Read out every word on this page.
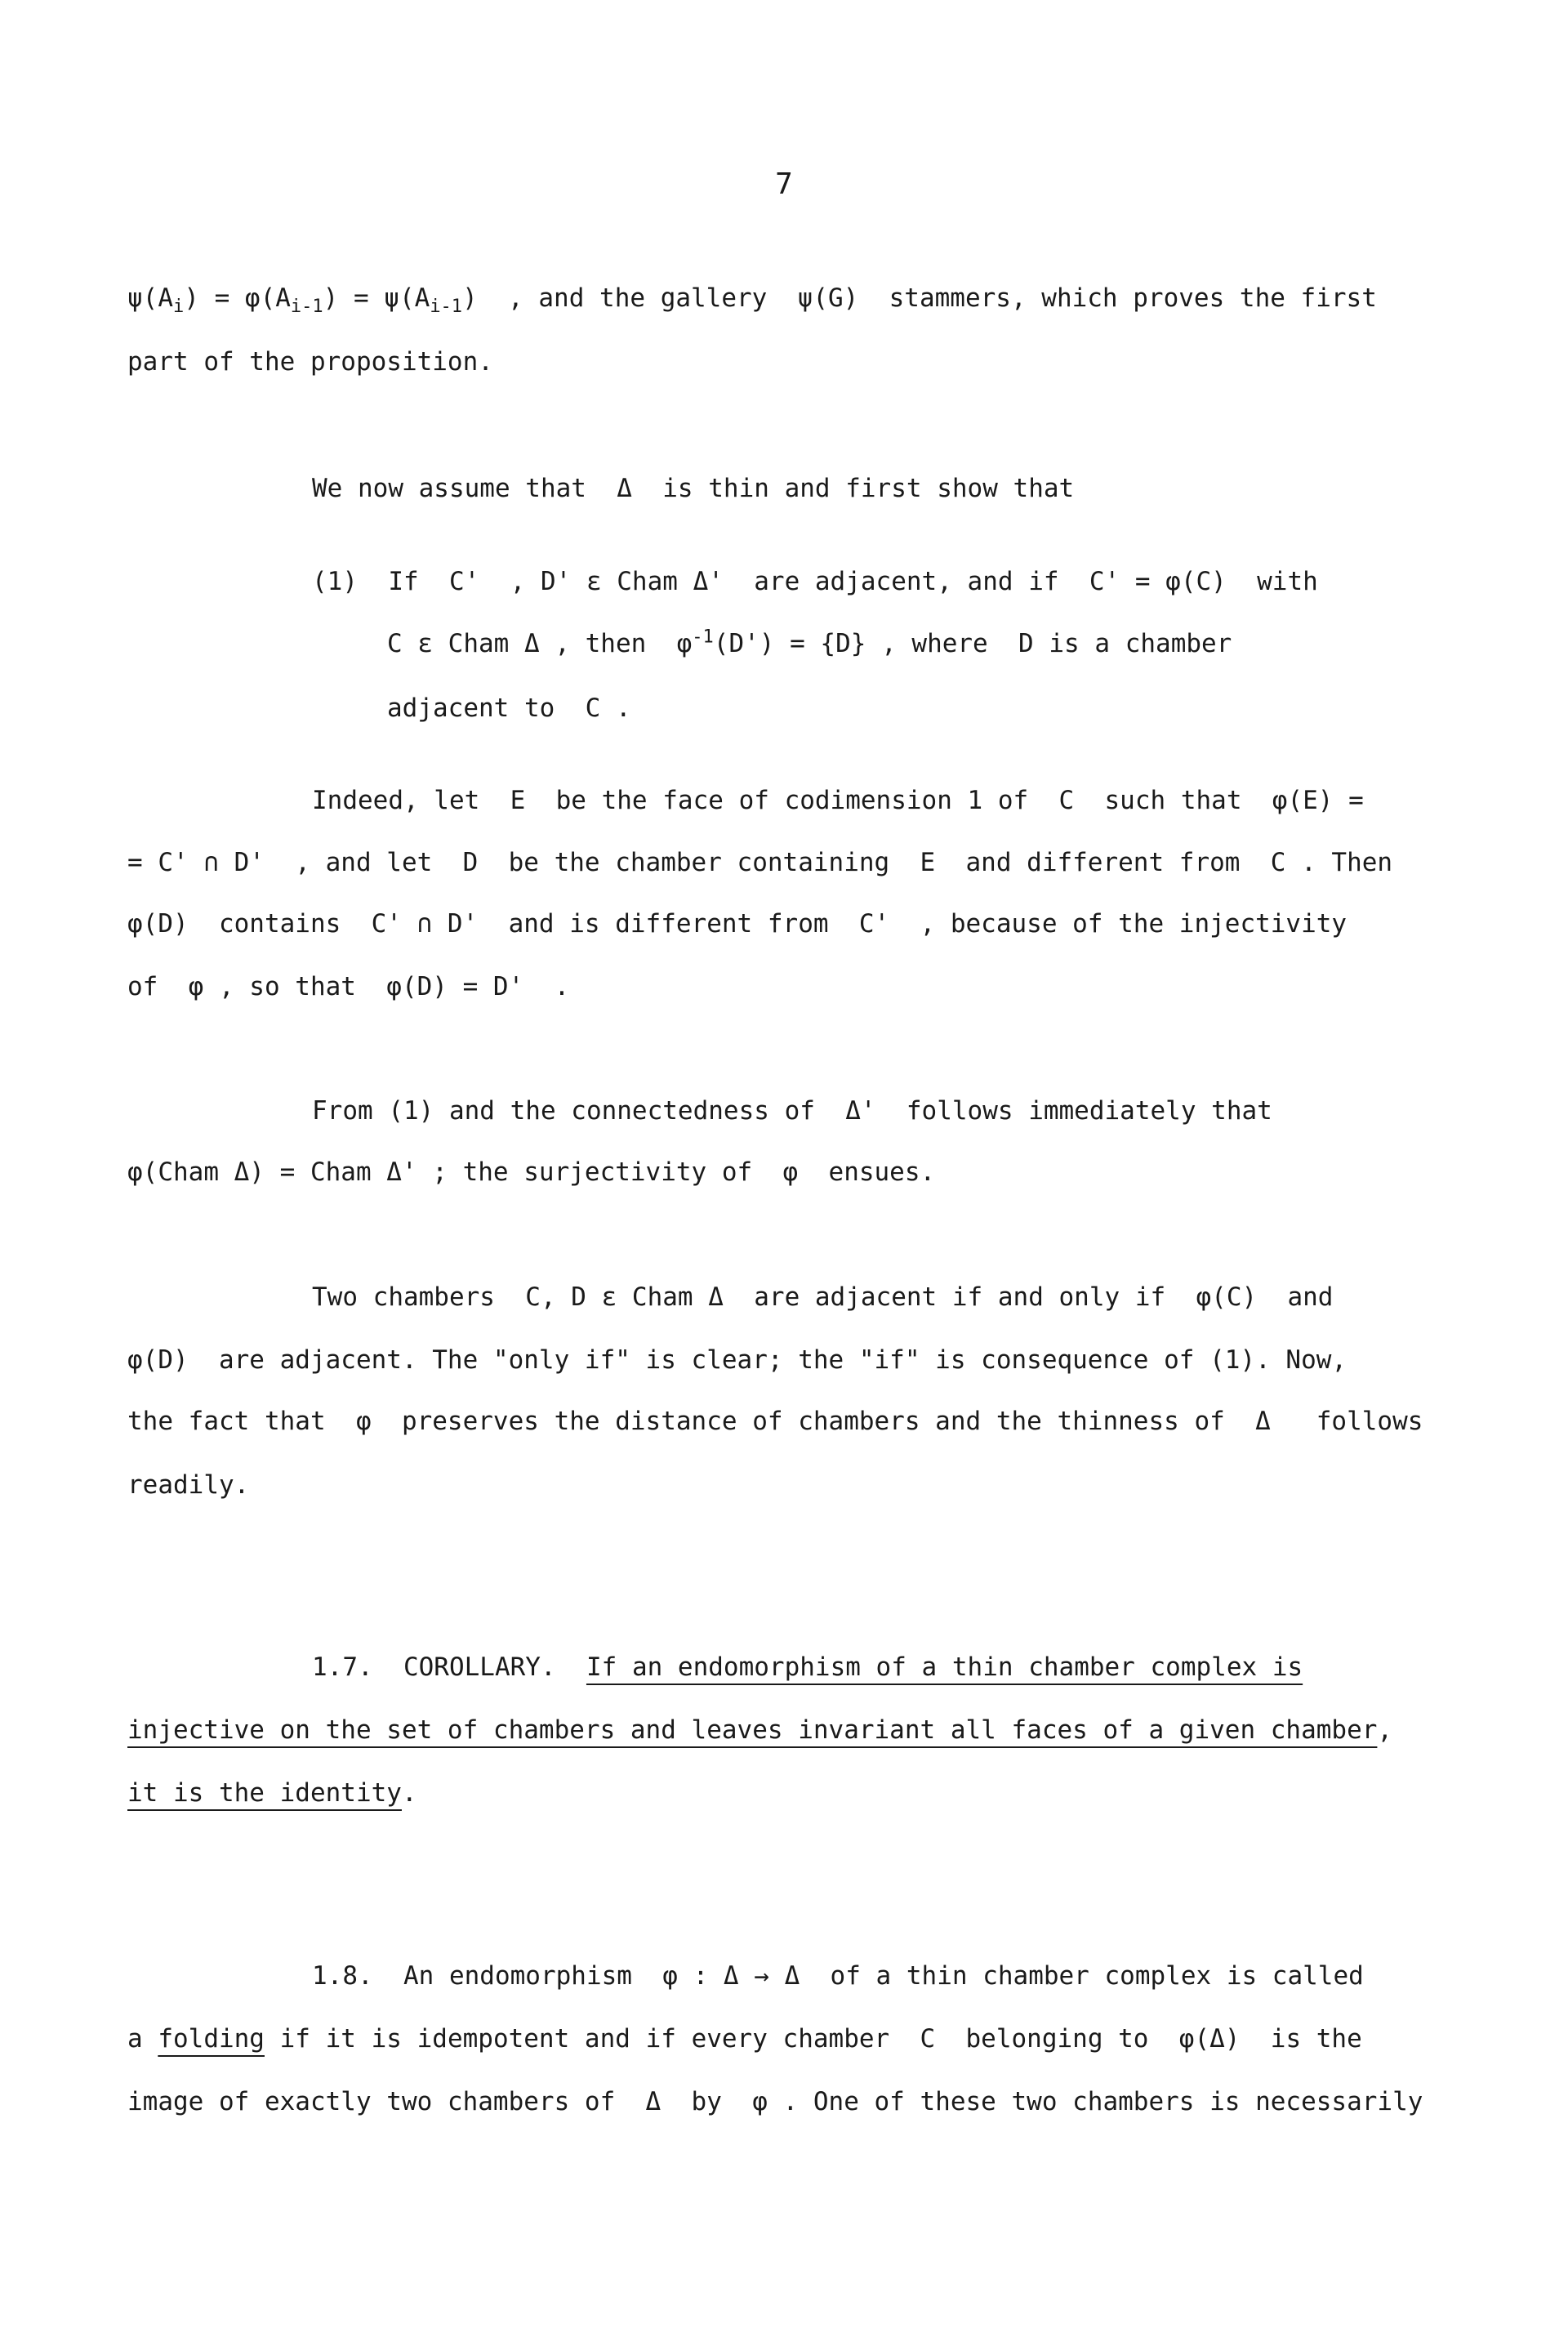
7
$\psi(A_i) = \varphi(A_{i-1}) = \psi(A_{i-1})$  , and the gallery  ψ(G)  stammers, which proves the first
part of the proposition.
We now assume that  Δ  is thin and first show that
(1)  If  C'  , D' ε Cham Δ'  are adjacent, and if  C' = φ(C)  with
C ε Cham Δ , then  $\varphi^{-1}(D') = \{D\}$ , where  D is a chamber
adjacent to  C .
Indeed, let  E  be the face of codimension 1 of  C  such that  φ(E) =
= C' ∩ D'  , and let  D  be the chamber containing  E  and different from  C . Then
φ(D)  contains  C' ∩ D'  and is different from  C'  , because of the injectivity
of  φ , so that  φ(D) = D'  .
From (1) and the connectedness of  Δ'  follows immediately that
φ(Cham Δ) = Cham Δ' ; the surjectivity of  φ  ensues.
Two chambers  C, D ε Cham Δ  are adjacent if and only if  φ(C)  and
φ(D)  are adjacent. The "only if" is clear; the "if" is consequence of (1). Now,
the fact that  φ  preserves the distance of chambers and the thinness of  Δ   follows
readily.
1.7.  COROLLARY.  If an endomorphism of a thin chamber complex is
injective on the set of chambers and leaves invariant all faces of a given chamber,
it is the identity.
1.8.  An endomorphism  φ : Δ → Δ  of a thin chamber complex is called
a folding if it is idempotent and if every chamber  C  belonging to  φ(Δ)  is the
image of exactly two chambers of  Δ  by  φ . One of these two chambers is necessarily
